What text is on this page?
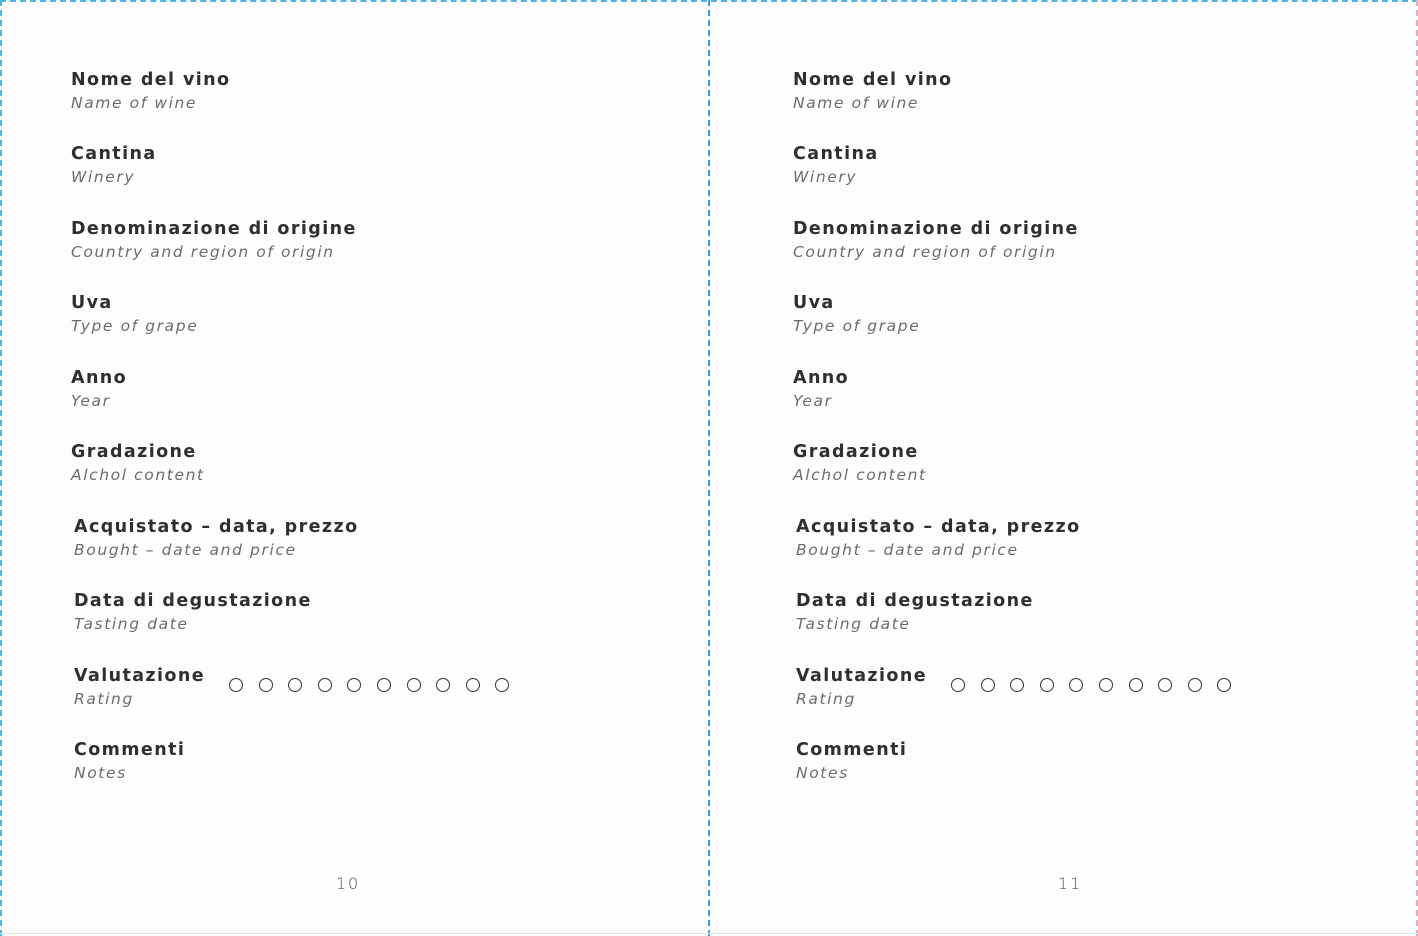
Nome del vino
Name of wine
Cantina
Winery
Denominazione di origine
Country and region of origin
Uva
Type of grape
Anno
Year
Gradazione
Alchol content
Acquistato – data, prezzo
Bought – date and price
Data di degustazione
Tasting date
Valutazione
Rating
Commenti
Notes
10
Nome del vino
Name of wine
Cantina
Winery
Denominazione di origine
Country and region of origin
Uva
Type of grape
Anno
Year
Gradazione
Alchol content
Acquistato – data, prezzo
Bought – date and price
Data di degustazione
Tasting date
Valutazione
Rating
Commenti
Notes
11
